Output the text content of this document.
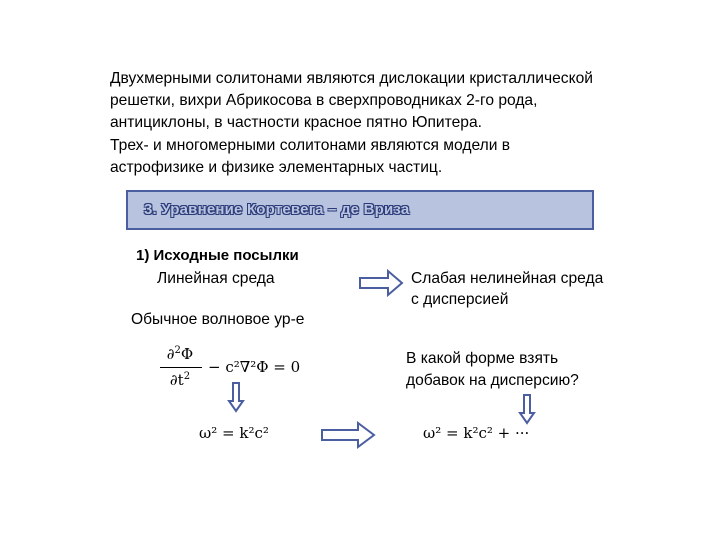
Двухмерными солитонами являются дислокации кристаллической
решетки, вихри Абрикосова в сверхпроводниках 2-го рода,
антициклоны, в частности красное пятно Юпитера.
Трех- и многомерными солитонами являются модели в
астрофизике и физике элементарных частиц.
3. Уравнение Кортевега – де Вриза
1) Исходные посылки
Линейная среда	Слабая нелинейная среда
с дисперсией
Обычное волновое ур-е
∂$^2$Φ
$\partial t^2$
− c²∇²Φ = 0	В какой форме взять
добавок на дисперсию?
ω² = k²c²	ω² = k²c² + ···
